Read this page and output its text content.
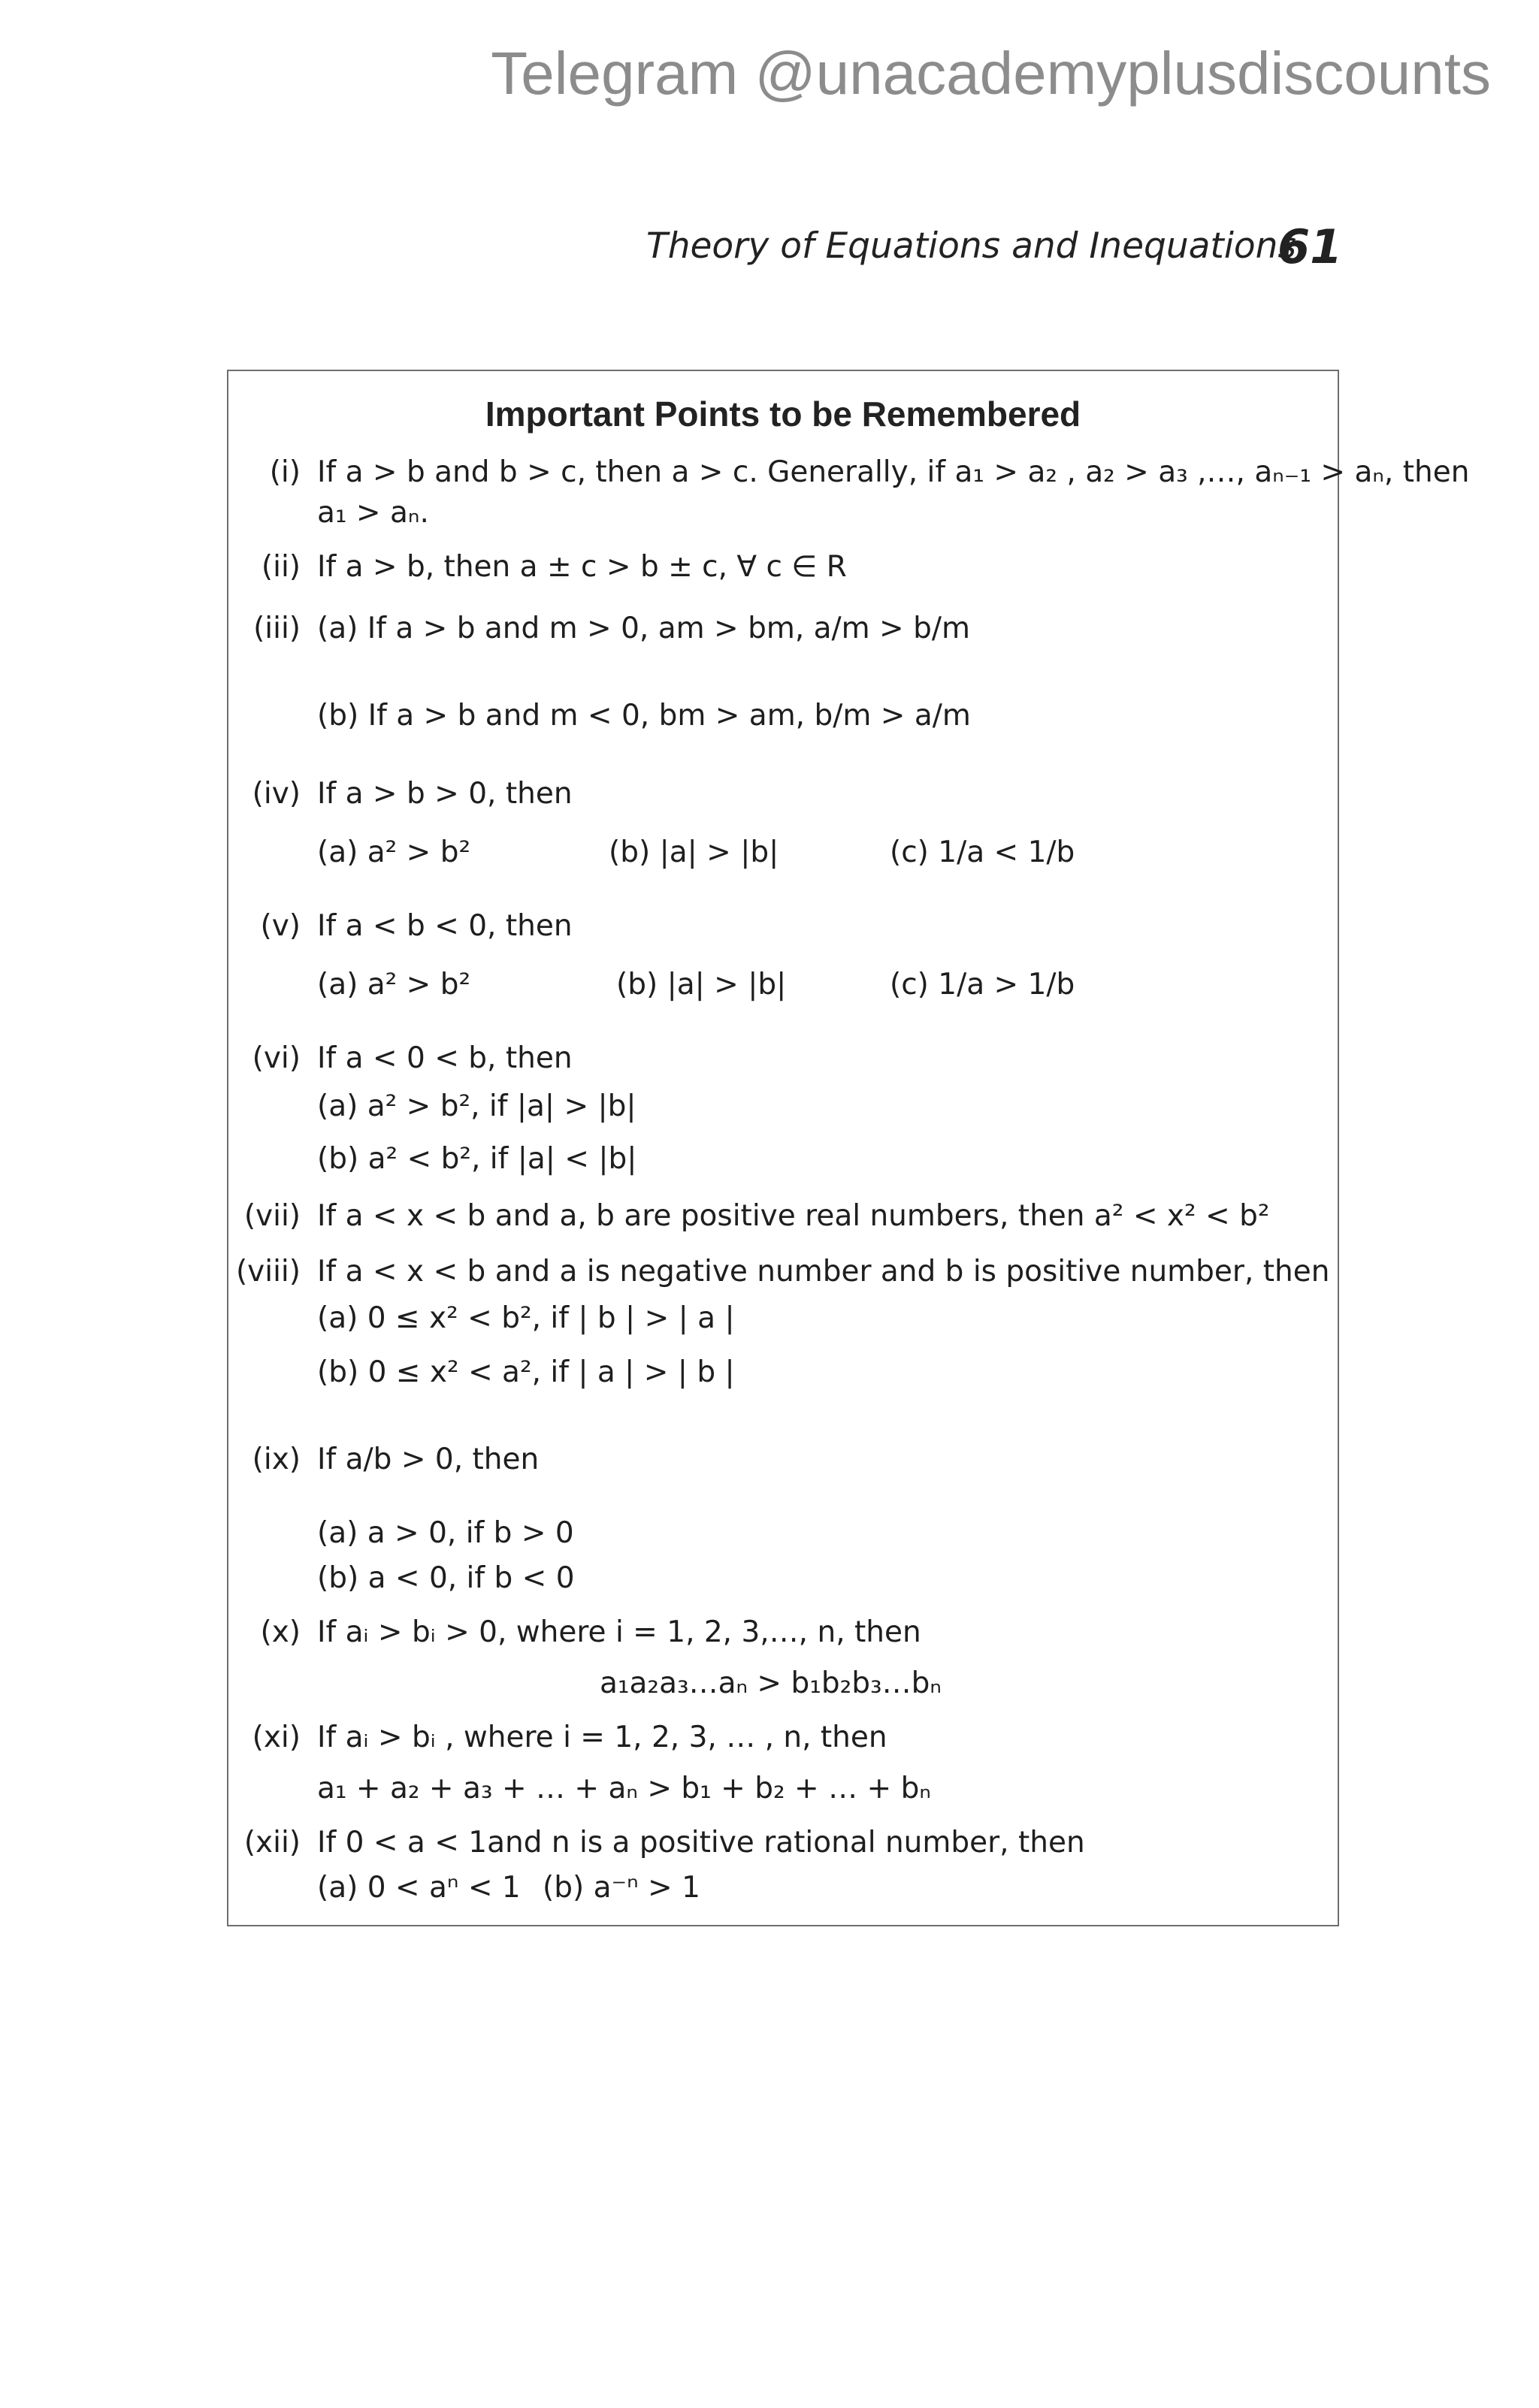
Telegram @unacademyplusdiscounts
Theory of Equations and Inequations
61
Important Points to be Remembered
(i) If a > b and b > c, then a > c. Generally, if a₁ > a₂ , a₂ > a₃ ,…, aₙ₋₁ > aₙ, then
a₁ > aₙ.
(ii) If a > b, then a ± c > b ± c, ∀ c ∈ R
(iii) (a) If a > b and m > 0, am > bm, a/m > b/m
(b) If a > b and m < 0, bm > am, b/m > a/m
(iv) If a > b > 0, then
(a) a² > b²	(b) |a| > |b|	(c) 1/a < 1/b
(v) If a < b < 0, then
(a) a² > b²	(b) |a| > |b|	(c) 1/a > 1/b
(vi) If a < 0 < b, then
(a) a² > b², if |a| > |b|
(b) a² < b², if |a| < |b|
(vii) If a < x < b and a, b are positive real numbers, then a² < x² < b²
(viii) If a < x < b and a is negative number and b is positive number, then
(a) 0 ≤ x² < b², if | b | > | a |
(b) 0 ≤ x² < a², if | a | > | b |
(ix) If a/b > 0, then
(a) a > 0, if b > 0
(b) a < 0, if b < 0
(x) If aᵢ > bᵢ > 0, where i = 1, 2, 3,…, n, then
a₁a₂a₃…aₙ > b₁b₂b₃…bₙ
(xi) If aᵢ > bᵢ , where i = 1, 2, 3, … , n, then
a₁ + a₂ + a₃ + … + aₙ > b₁ + b₂ + … + bₙ
(xii) If 0 < a < 1and n is a positive rational number, then
(a) 0 < aⁿ < 1 (b) a⁻ⁿ > 1
